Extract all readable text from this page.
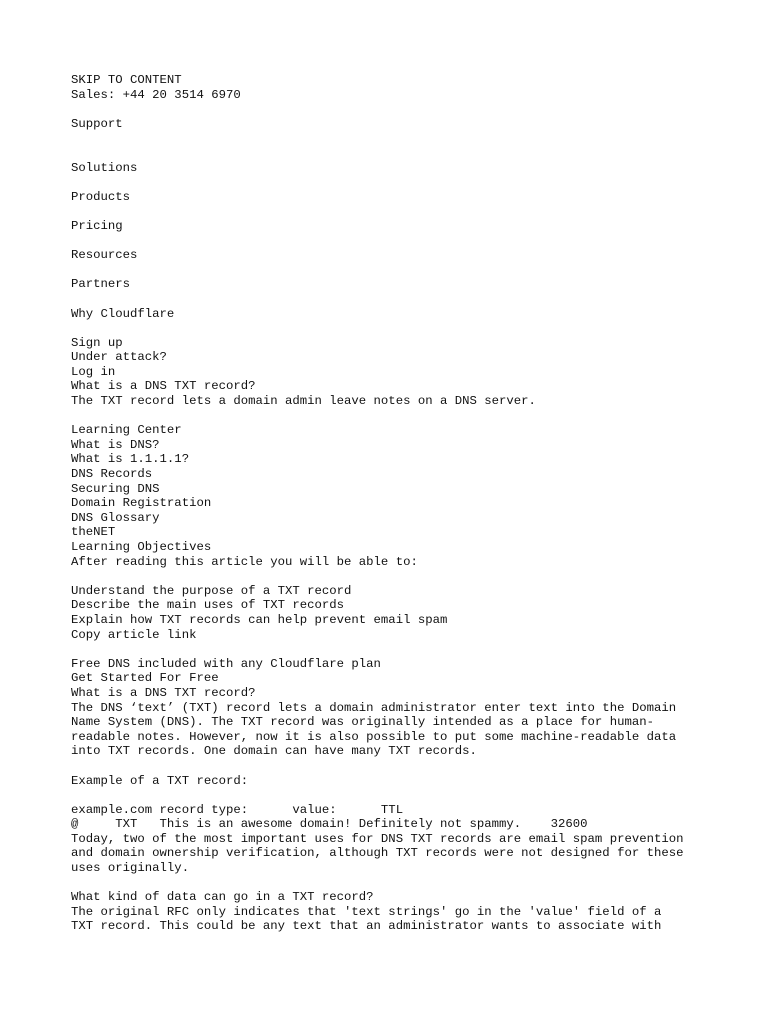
SKIP TO CONTENT
Sales: +44 20 3514 6970
Support
Solutions
Products
Pricing
Resources
Partners
Why Cloudflare
Sign up
Under attack?
Log in
What is a DNS TXT record?
The TXT record lets a domain admin leave notes on a DNS server.
Learning Center
What is DNS?
What is 1.1.1.1?
DNS Records
Securing DNS
Domain Registration
DNS Glossary
theNET
Learning Objectives
After reading this article you will be able to:
Understand the purpose of a TXT record
Describe the main uses of TXT records
Explain how TXT records can help prevent email spam
Copy article link
Free DNS included with any Cloudflare plan
Get Started For Free
What is a DNS TXT record?
The DNS ‘text’ (TXT) record lets a domain administrator enter text into the Domain
Name System (DNS). The TXT record was originally intended as a place for human-
readable notes. However, now it is also possible to put some machine-readable data
into TXT records. One domain can have many TXT records.
Example of a TXT record:
example.com record type:      value:      TTL
@     TXT   This is an awesome domain! Definitely not spammy.    32600
Today, two of the most important uses for DNS TXT records are email spam prevention
and domain ownership verification, although TXT records were not designed for these
uses originally.
What kind of data can go in a TXT record?
The original RFC only indicates that 'text strings' go in the 'value' field of a
TXT record. This could be any text that an administrator wants to associate with
